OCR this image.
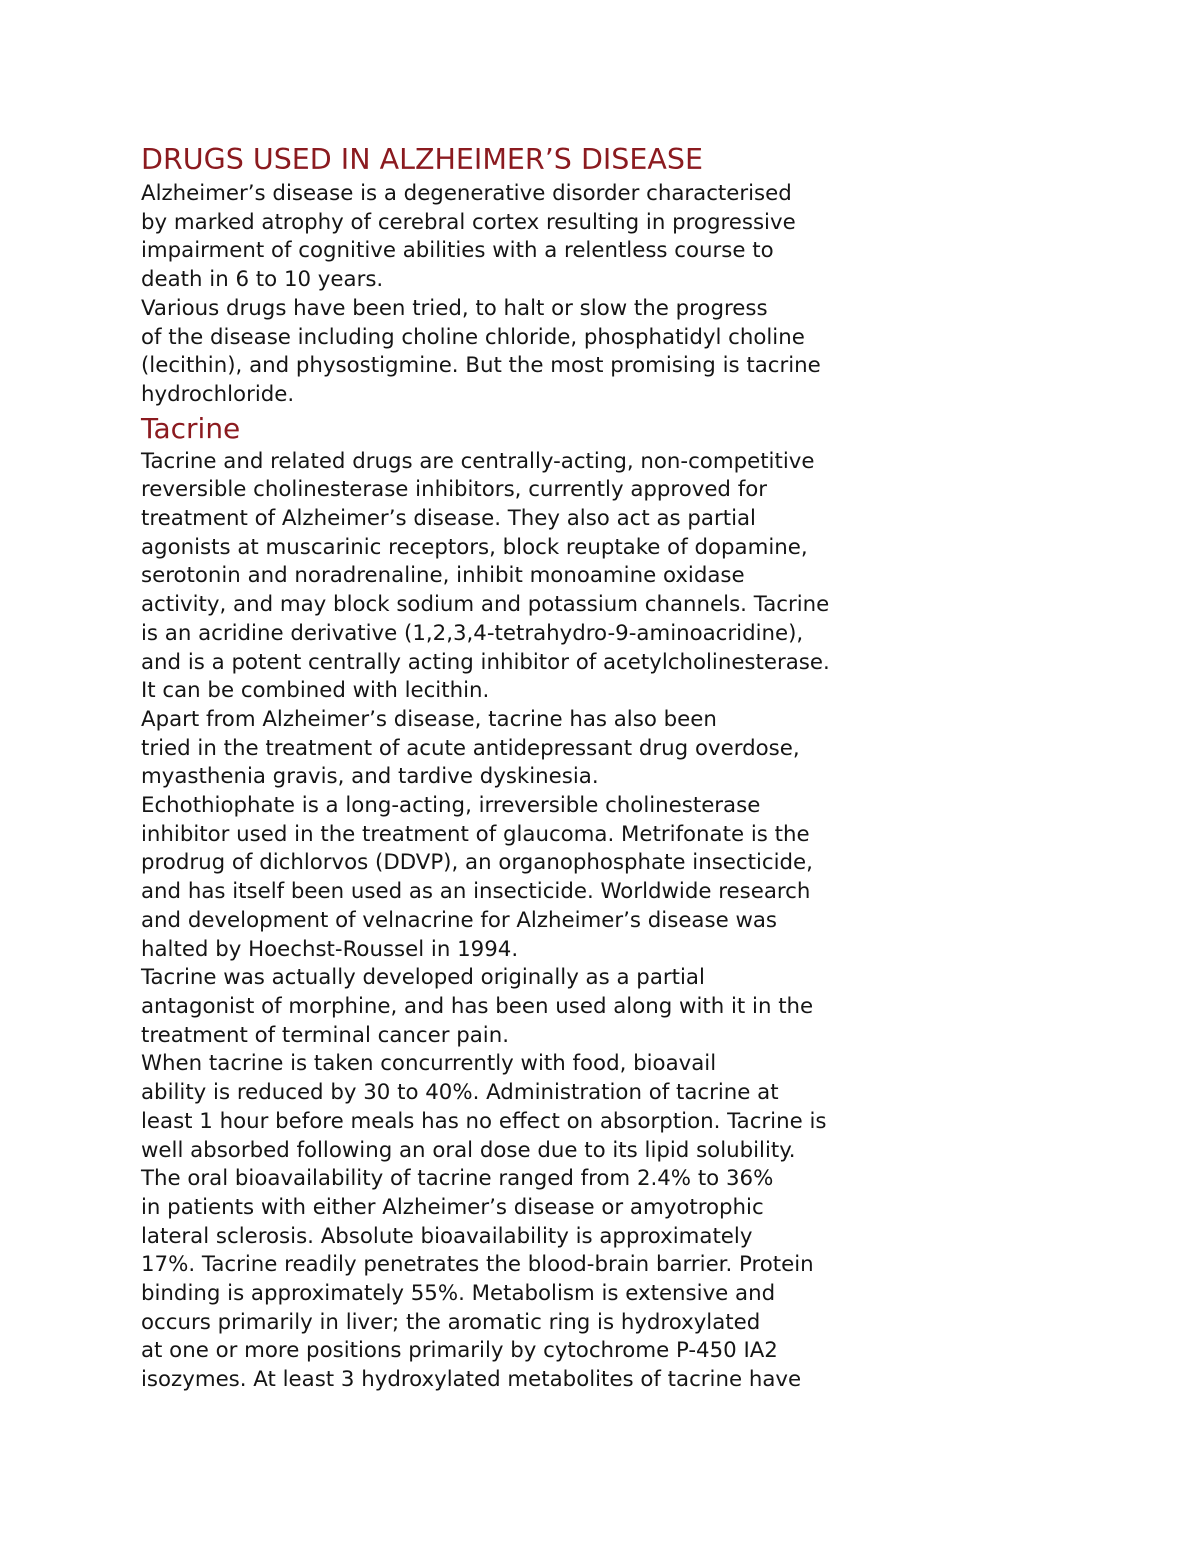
DRUGS USED IN ALZHEIMER’S DISEASE
Alzheimer’s disease is a degenerative disorder characterised
by marked atrophy of cerebral cortex resulting in progressive
impairment of cognitive abilities with a relentless course to
death in 6 to 10 years.
Various drugs have been tried, to halt or slow the progress
of the disease including choline chloride, phosphatidyl choline
(lecithin), and physostigmine. But the most promising is tacrine
hydrochloride.
Tacrine
Tacrine and related drugs are centrally-acting, non-competitive
reversible cholinesterase inhibitors, currently approved for
treatment of Alzheimer’s disease. They also act as partial
agonists at muscarinic receptors, block reuptake of dopamine,
serotonin and noradrenaline, inhibit monoamine oxidase
activity, and may block sodium and potassium channels. Tacrine
is an acridine derivative (1,2,3,4-tetrahydro-9-aminoacridine),
and is a potent centrally acting inhibitor of acetylcholinesterase.
It can be combined with lecithin.
Apart from Alzheimer’s disease, tacrine has also been
tried in the treatment of acute antidepressant drug overdose,
myasthenia gravis, and tardive dyskinesia.
Echothiophate is a long-acting, irreversible cholinesterase
inhibitor used in the treatment of glaucoma. Metrifonate is the
prodrug of dichlorvos (DDVP), an organophosphate insecticide,
and has itself been used as an insecticide. Worldwide research
and development of velnacrine for Alzheimer’s disease was
halted by Hoechst-Roussel in 1994.
Tacrine was actually developed originally as a partial
antagonist of morphine, and has been used along with it in the
treatment of terminal cancer pain.
When tacrine is taken concurrently with food, bioavail
ability is reduced by 30 to 40%. Administration of tacrine at
least 1 hour before meals has no effect on absorption. Tacrine is
well absorbed following an oral dose due to its lipid solubility.
The oral bioavailability of tacrine ranged from 2.4% to 36%
in patients with either Alzheimer’s disease or amyotrophic
lateral sclerosis. Absolute bioavailability is approximately
17%. Tacrine readily penetrates the blood-brain barrier. Protein
binding is approximately 55%. Metabolism is extensive and
occurs primarily in liver; the aromatic ring is hydroxylated
at one or more positions primarily by cytochrome P-450 IA2
isozymes. At least 3 hydroxylated metabolites of tacrine have
